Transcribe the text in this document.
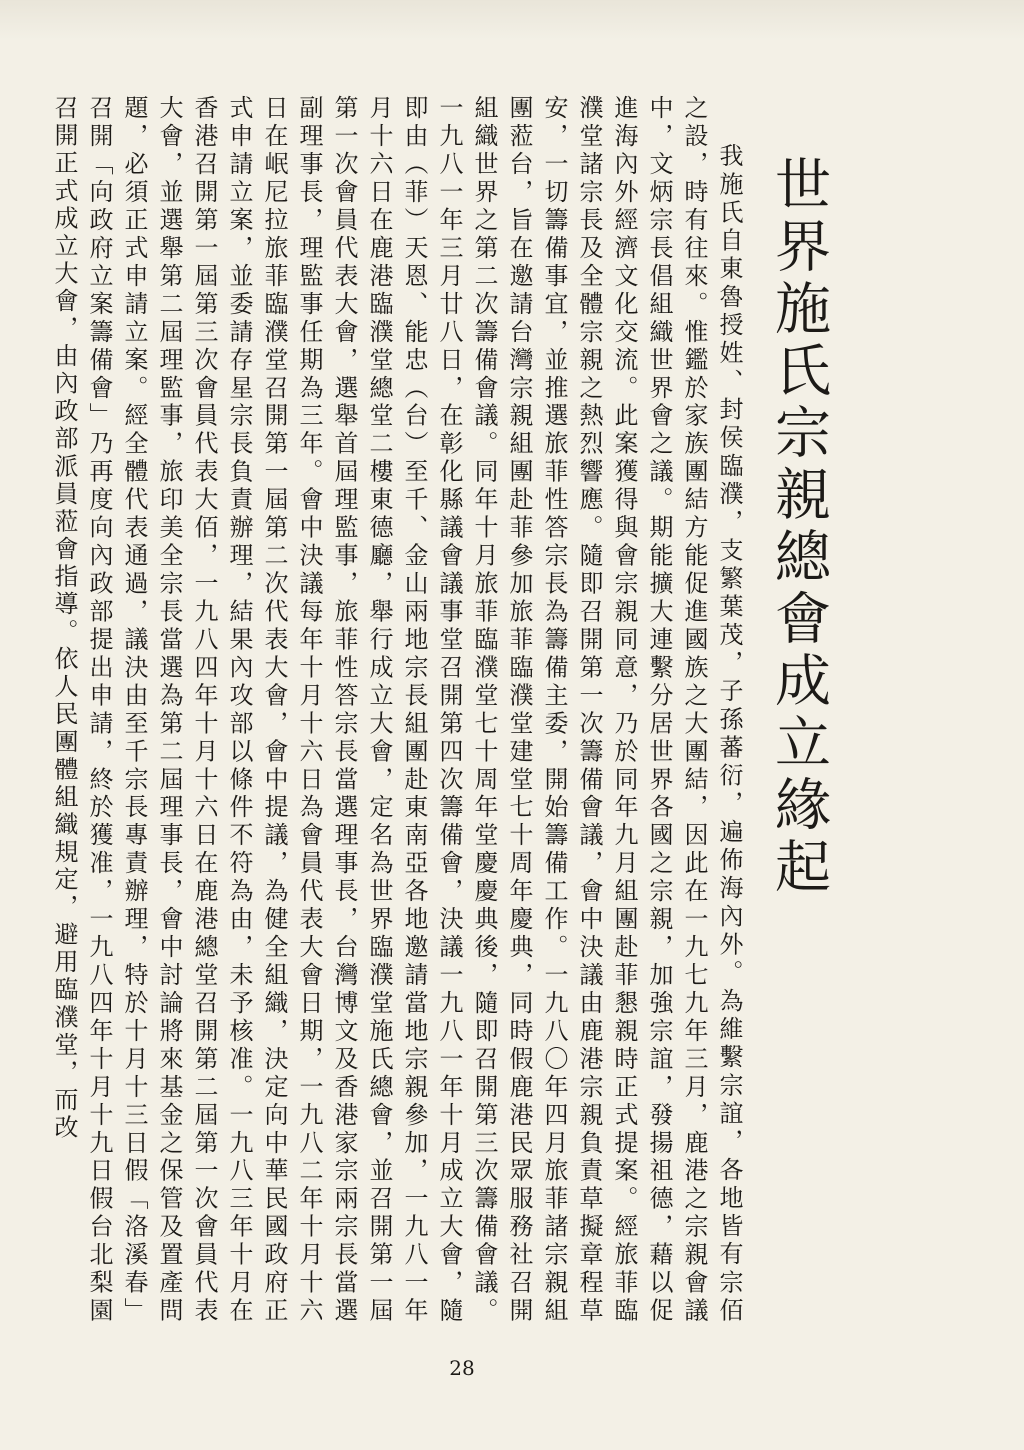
世界施氏宗親總會成立緣起

我施氏自東魯授姓、封侯臨濮，支繁葉茂，子孫蕃衍，遍佈海內外。為維繫宗誼，各地皆有宗佰之設，時有往來。惟鑑於家族團結方能促進國族之大團結，因此在一九七九年三月，鹿港之宗親會議中，文炳宗長倡組織世界會之議。期能擴大連繫分居世界各國之宗親，加強宗誼，發揚祖德，藉以促進海內外經濟文化交流。此案獲得與會宗親同意，乃於同年九月組團赴菲懇親時正式提案。經旅菲臨濮堂諸宗長及全體宗親之熱烈響應。隨即召開第一次籌備會議，會中決議由鹿港宗親負責草擬章程草安，一切籌備事宜，並推選旅菲性答宗長為籌備主委，開始籌備工作。一九八〇年四月旅菲諸宗親組團蒞台，旨在邀請台灣宗親組團赴菲參加旅菲臨濮堂建堂七十周年慶典，同時假鹿港民眾服務社召開組織世界之第二次籌備會議。同年十月旅菲臨濮堂七十周年堂慶慶典後，隨即召開第三次籌備會議。一九八一年三月廿八日，在彰化縣議會議事堂召開第四次籌備會，決議一九八一年十月成立大會，隨即由（菲）天恩、能忠（台）至千、金山兩地宗長組團赴東南亞各地邀請當地宗親參加，一九八一年月十六日在鹿港臨濮堂總堂二樓東德廳，舉行成立大會，定名為世界臨濮堂施氏總會，並召開第一屆第一次會員代表大會，選舉首屆理監事，旅菲性答宗長當選理事長，台灣博文及香港家宗兩宗長當選副理事長，理監事任期為三年。會中決議每年十月十六日為會員代表大會日期，一九八二年十月十六日在岷尼拉旅菲臨濮堂召開第一屆第二次代表大會，會中提議，為健全組織，決定向中華民國政府正式申請立案，並委請存星宗長負責辦理，結果內攻部以條件不符為由，未予核准。一九八三年十月在香港召開第一屆第三次會員代表大佰，一九八四年十月十六日在鹿港總堂召開第二屆第一次會員代表大會，並選舉第二屆理監事，旅印美全宗長當選為第二屆理事長，會中討論將來基金之保管及置產問題，必須正式申請立案。經全體代表通過，議決由至千宗長專責辦理，特於十月十三日假「洛溪春」召開「向政府立案籌備會」乃再度向內政部提出申請，終於獲准，一九八四年十月十九日假台北梨園召開正式成立大會，由內政部派員蒞會指導。依人民團體組織規定，避用臨濮堂，而改

28
